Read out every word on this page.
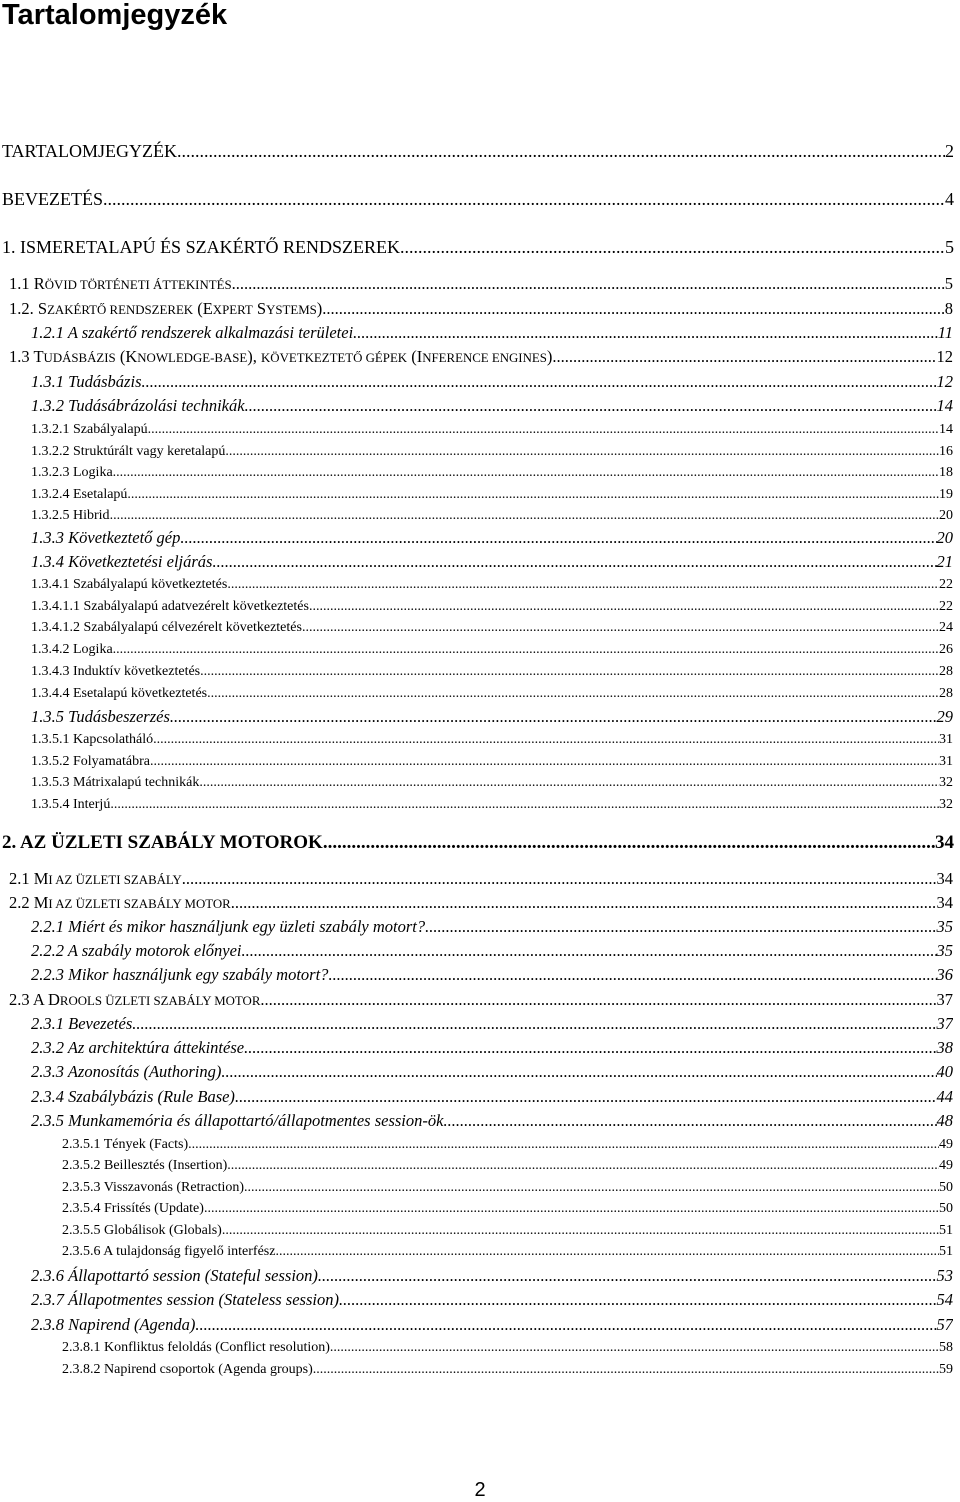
Tartalomjegyzék
TARTALOMJEGYZÉK .....	2
BEVEZETÉS .....	4
1. ISMERETALAPÚ ÉS SZAKÉRTŐ RENDSZEREK .....	5
1.1 RÖVID TÖRTÉNETI ÁTTEKINTÉS .....	5
1.2. SZAKÉRTŐ RENDSZEREK (EXPERT SYSTEMS) .....	8
1.2.1 A szakértő rendszerek alkalmazási területei .....	11
1.3 TUDÁSBÁZIS (KNOWLEDGE-BASE), KÖVETKEZTETŐ GÉPEK (INFERENCE ENGINES) .....	12
1.3.1 Tudásbázis .....	12
1.3.2 Tudásábrázolási technikák .....	14
1.3.2.1 Szabályalapú .....	14
1.3.2.2 Struktúrált vagy keretalapú .....	16
1.3.2.3 Logika .....	18
1.3.2.4 Esetalapú .....	19
1.3.2.5 Hibrid .....	20
1.3.3 Következtető gép .....	20
1.3.4 Következtetési eljárás .....	21
1.3.4.1 Szabályalapú következtetés .....	22
1.3.4.1.1 Szabályalapú adatvezérelt következtetés .....	22
1.3.4.1.2 Szabályalapú célvezérelt következtetés .....	24
1.3.4.2 Logika .....	26
1.3.4.3 Induktív következtetés .....	28
1.3.4.4 Esetalapú következtetés .....	28
1.3.5 Tudásbeszerzés .....	29
1.3.5.1 Kapcsolatháló .....	31
1.3.5.2 Folyamatábra .....	31
1.3.5.3 Mátrixalapú technikák .....	32
1.3.5.4 Interjú .....	32
2. AZ ÜZLETI SZABÁLY MOTOROK .....	34
2.1 MI AZ ÜZLETI SZABÁLY .....	34
2.2 MI AZ ÜZLETI SZABÁLY MOTOR .....	34
2.2.1 Miért és mikor használjunk egy üzleti szabály motort? .....	35
2.2.2 A szabály motorok előnyei .....	35
2.2.3 Mikor használjunk egy szabály motort? .....	36
2.3 A DROOLS ÜZLETI SZABÁLY MOTOR .....	37
2.3.1 Bevezetés .....	37
2.3.2 Az architektúra áttekintése .....	38
2.3.3 Azonosítás (Authoring) .....	40
2.3.4 Szabálybázis (Rule Base) .....	44
2.3.5 Munkamemória és állapottartó/állapotmentes session-ök .....	48
2.3.5.1 Tények (Facts) .....	49
2.3.5.2 Beillesztés (Insertion) .....	49
2.3.5.3 Visszavonás (Retraction) .....	50
2.3.5.4 Frissítés (Update) .....	50
2.3.5.5 Globálisok (Globals) .....	51
2.3.5.6 A tulajdonság figyelő interfész .....	51
2.3.6 Állapottartó session (Stateful session) .....	53
2.3.7 Állapotmentes session (Stateless session) .....	54
2.3.8 Napirend (Agenda) .....	57
2.3.8.1 Konfliktus feloldás (Conflict resolution) .....	58
2.3.8.2 Napirend csoportok (Agenda groups) .....	59
2
